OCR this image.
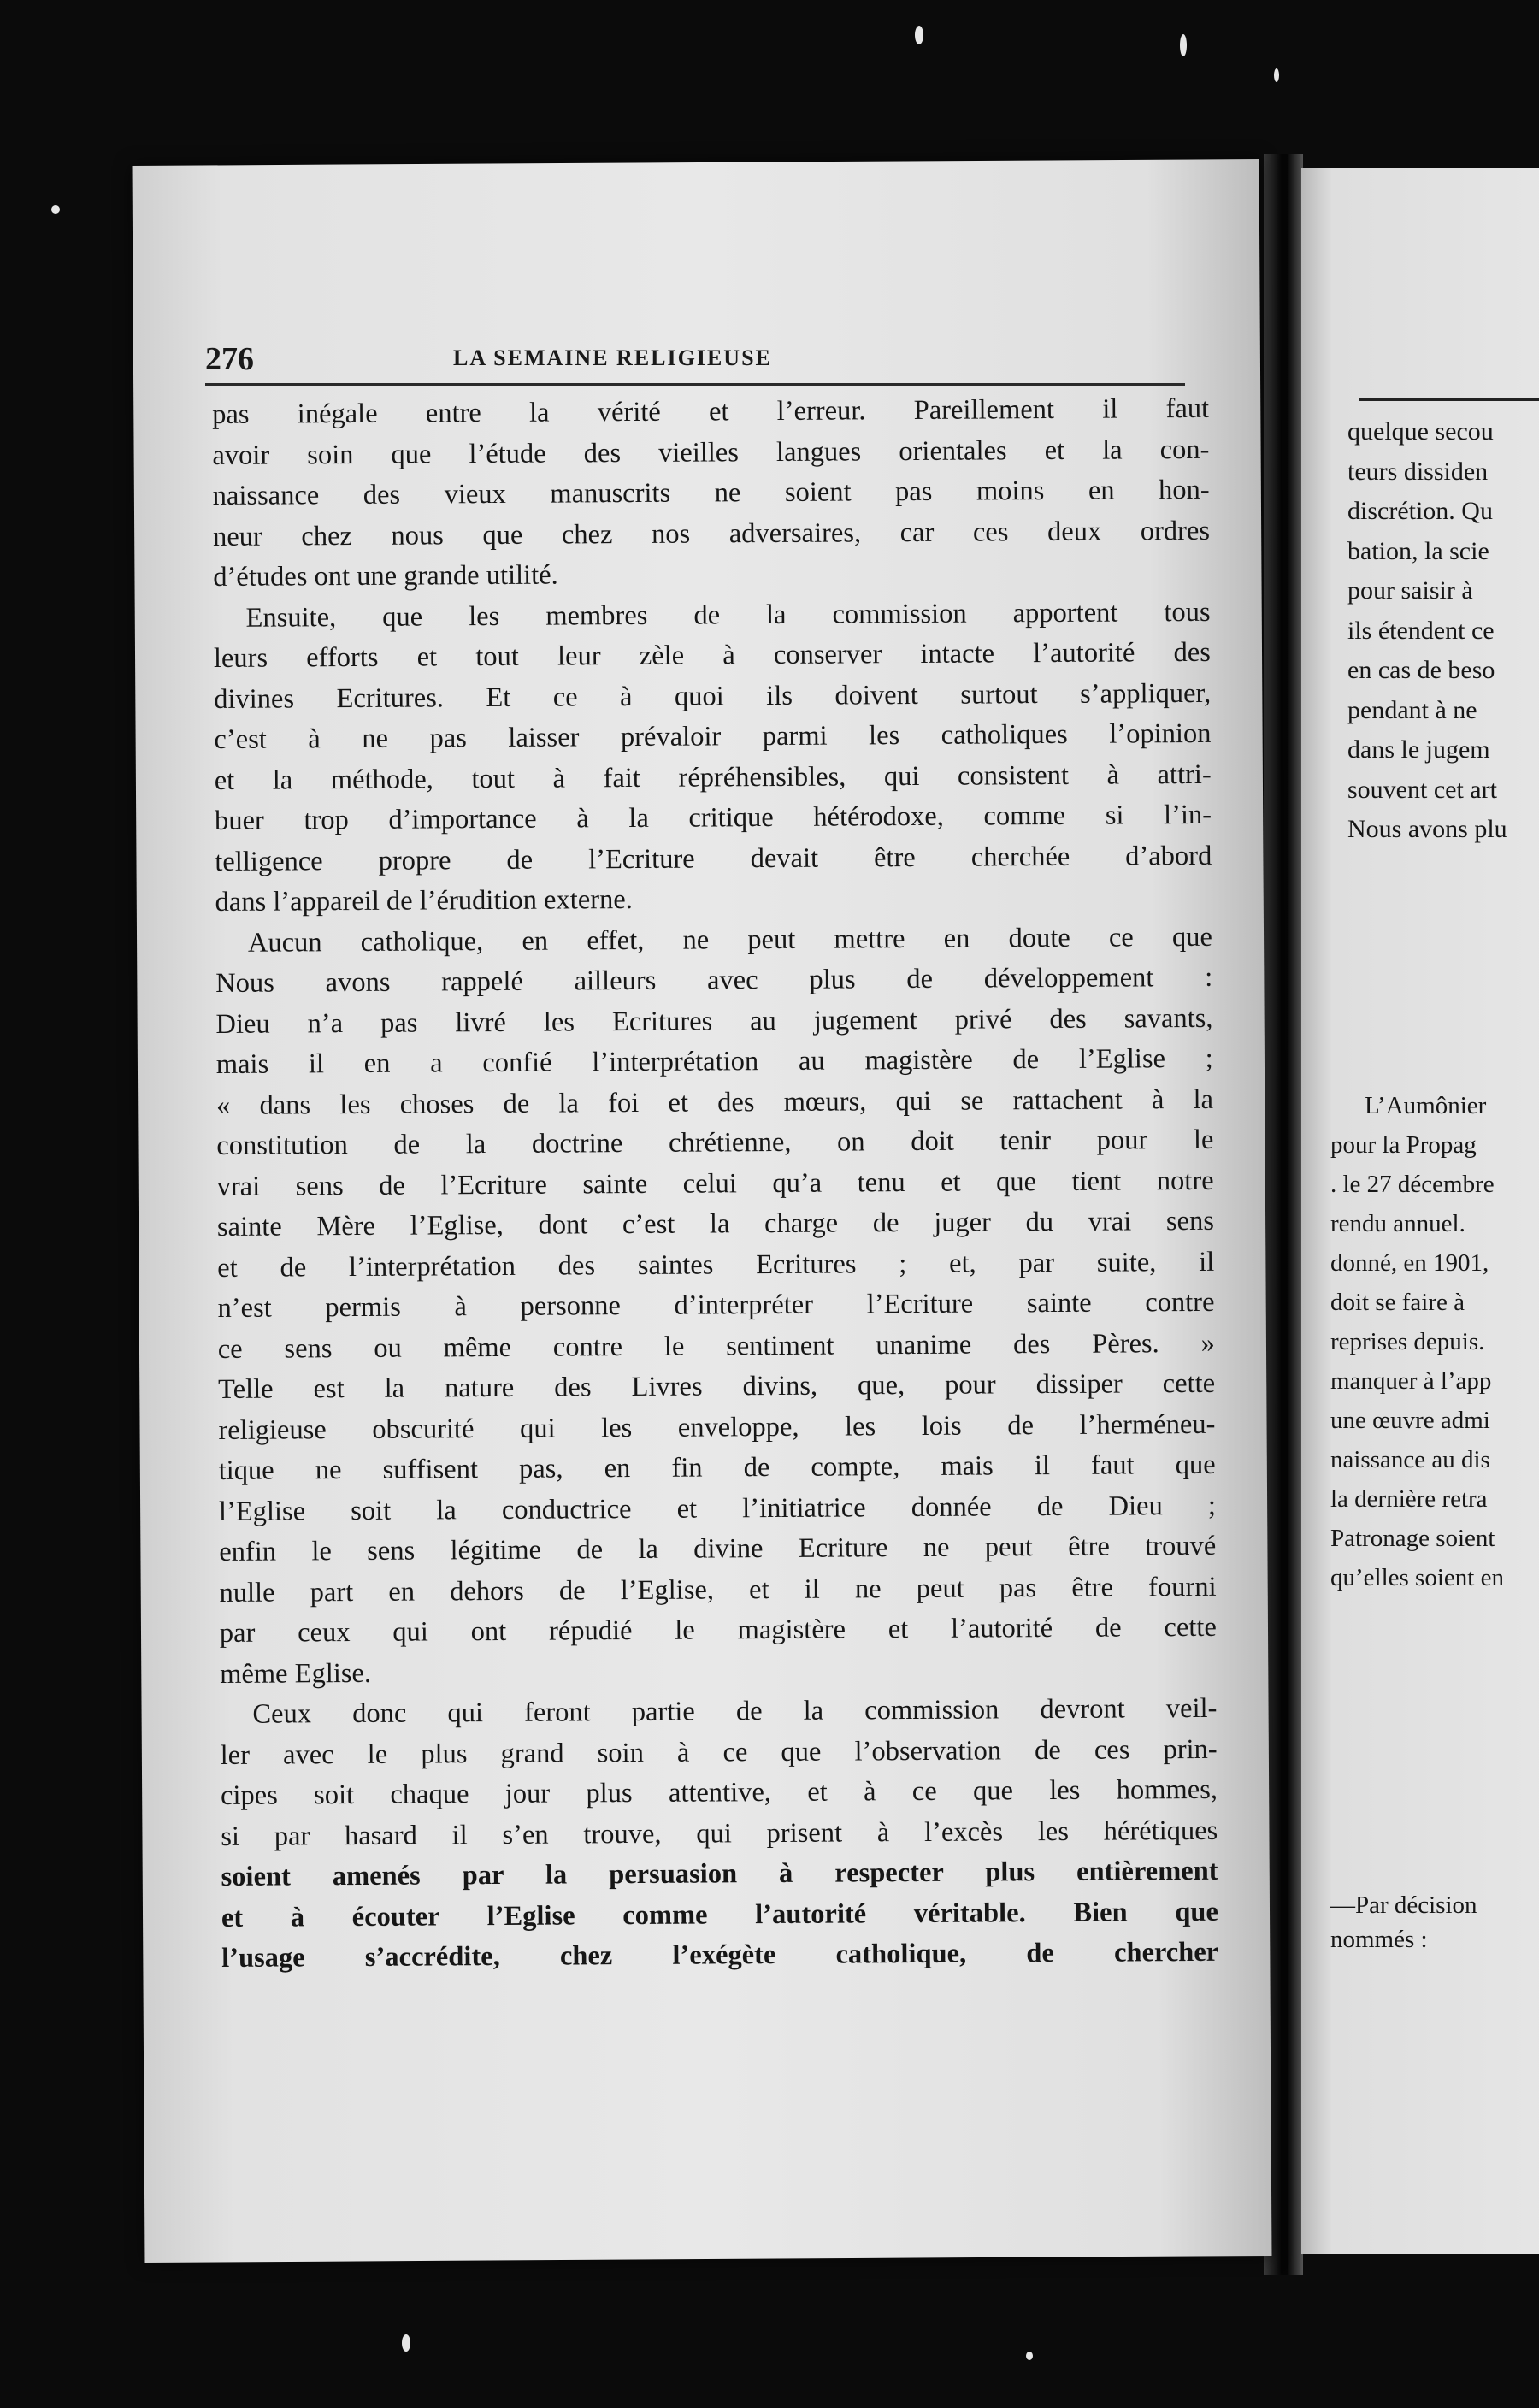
276	LA SEMAINE RELIGIEUSE
pas inégale entre la vérité et l’erreur. Pareillement il faut
avoir soin que l’étude des vieilles langues orientales et la con-
naissance des vieux manuscrits ne soient pas moins en hon-
neur chez nous que chez nos adversaires, car ces deux ordres
d’études ont une grande utilité.
Ensuite, que les membres de la commission apportent tous
leurs efforts et tout leur zèle à conserver intacte l’autorité des
divines Ecritures. Et ce à quoi ils doivent surtout s’appliquer,
c’est à ne pas laisser prévaloir parmi les catholiques l’opinion
et la méthode, tout à fait répréhensibles, qui consistent à attri-
buer trop d’importance à la critique hétérodoxe, comme si l’in-
telligence propre de l’Ecriture devait être cherchée d’abord
dans l’appareil de l’érudition externe.
Aucun catholique, en effet, ne peut mettre en doute ce que
Nous avons rappelé ailleurs avec plus de développement :
Dieu n’a pas livré les Ecritures au jugement privé des savants,
mais il en a confié l’interprétation au magistère de l’Eglise ;
« dans les choses de la foi et des mœurs, qui se rattachent à la
constitution de la doctrine chrétienne, on doit tenir pour le
vrai sens de l’Ecriture sainte celui qu’a tenu et que tient notre
sainte Mère l’Eglise, dont c’est la charge de juger du vrai sens
et de l’interprétation des saintes Ecritures ; et, par suite, il
n’est permis à personne d’interpréter l’Ecriture sainte contre
ce sens ou même contre le sentiment unanime des Pères. »
Telle est la nature des Livres divins, que, pour dissiper cette
religieuse obscurité qui les enveloppe, les lois de l’herméneu-
tique ne suffisent pas, en fin de compte, mais il faut que
l’Eglise soit la conductrice et l’initiatrice donnée de Dieu ;
enfin le sens légitime de la divine Ecriture ne peut être trouvé
nulle part en dehors de l’Eglise, et il ne peut pas être fourni
par ceux qui ont répudié le magistère et l’autorité de cette
même Eglise.
Ceux donc qui feront partie de la commission devront veil-
ler avec le plus grand soin à ce que l’observation de ces prin-
cipes soit chaque jour plus attentive, et à ce que les hommes,
si par hasard il s’en trouve, qui prisent à l’excès les hérétiques
soient amenés par la persuasion à respecter plus entièrement
et à écouter l’Eglise comme l’autorité véritable. Bien que
l’usage s’accrédite, chez l’exégète catholique, de chercher
quelque secou
teurs dissiden
discrétion. Qu
bation, la scie
pour saisir à
ils étendent ce
en cas de beso
pendant à ne
dans le jugem
souvent cet art
Nous avons plu
L’Aumônier
pour la Propag
. le 27 décembre
rendu annuel.
donné, en 1901,
doit se faire à
reprises depuis.
manquer à l’app
une œuvre admi
naissance au dis
la dernière retra
Patronage soient
qu’elles soient en
—Par décision
nommés :
